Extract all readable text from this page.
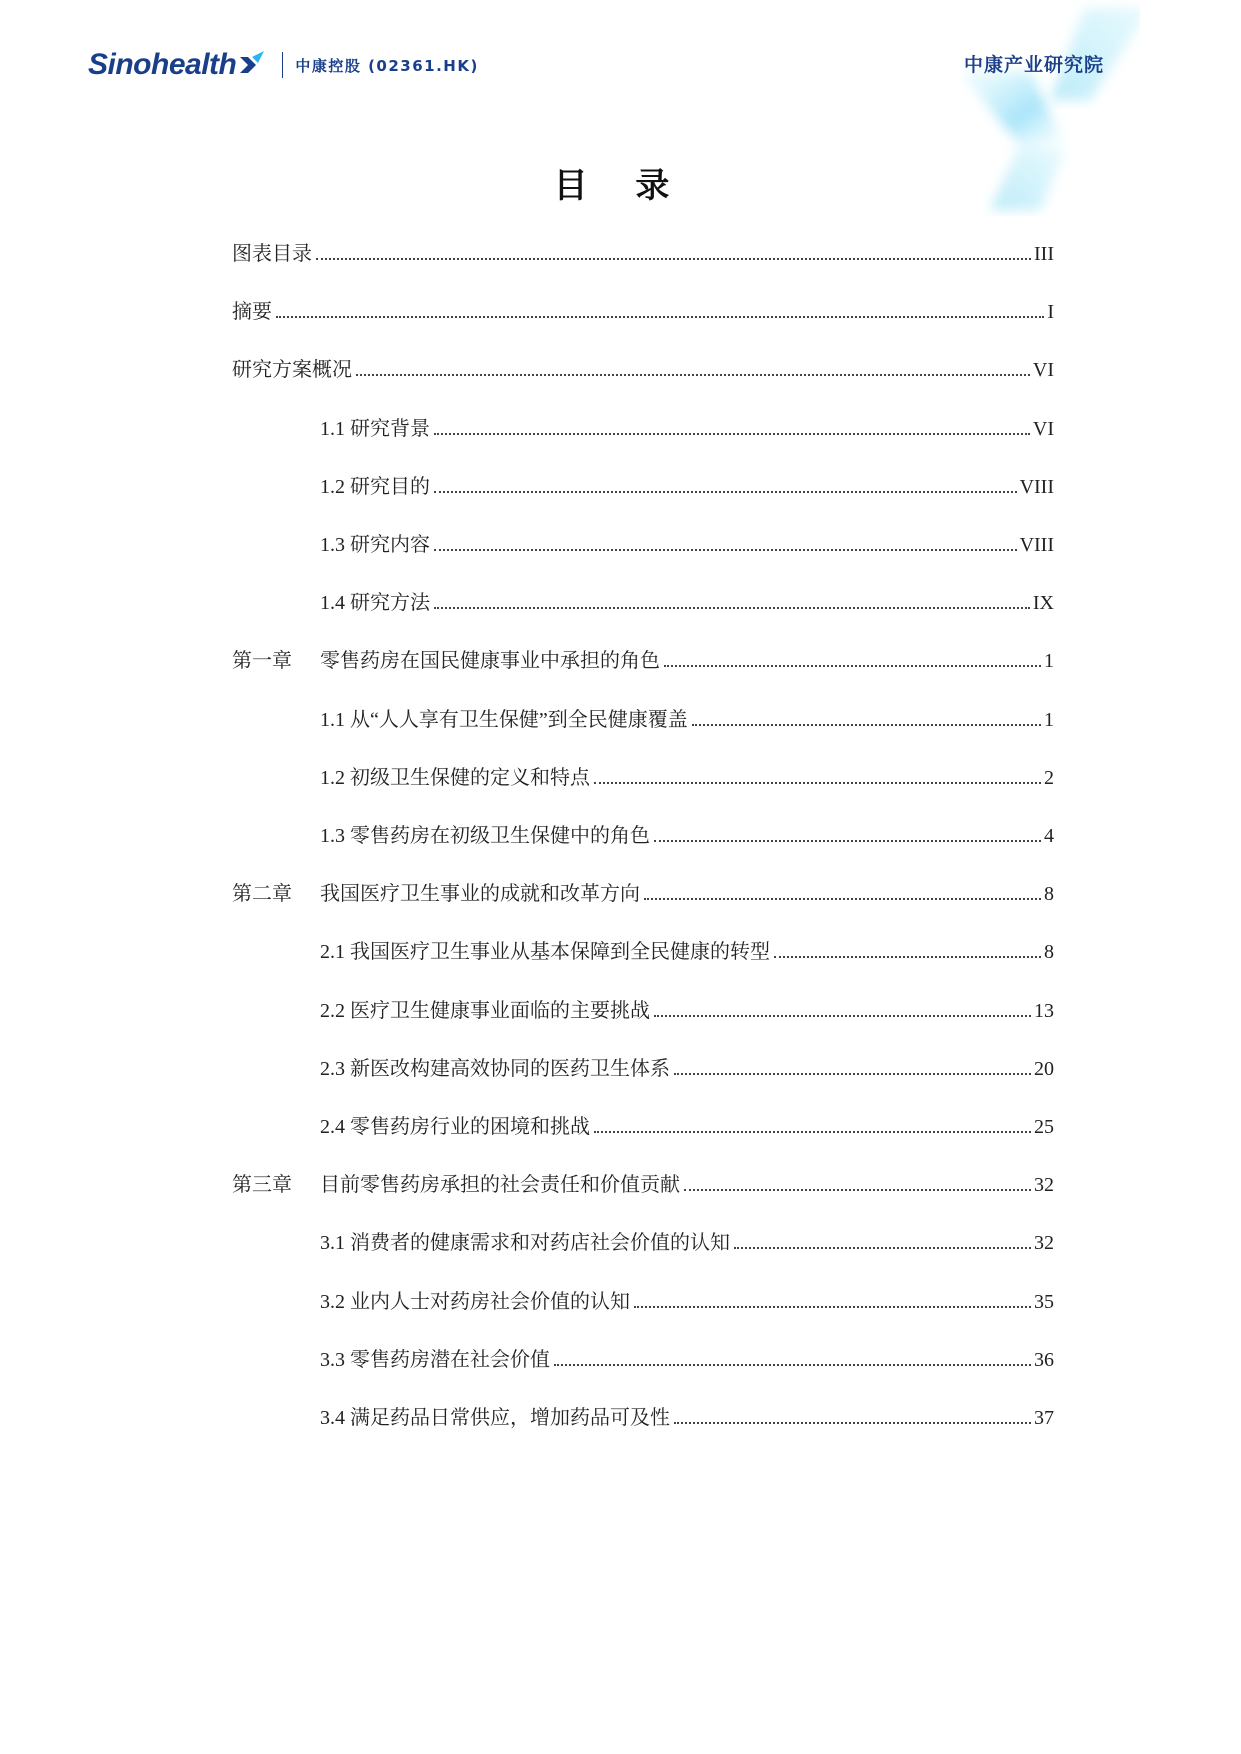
Sinohealth	中康控股 (02361.HK)	中康产业研究院
目 录
图表目录	III
摘要	I
研究方案概况	VI
1.1 研究背景	VI
1.2 研究目的	VIII
1.3 研究内容	VIII
1.4 研究方法	IX
第一章 零售药房在国民健康事业中承担的角色	1
1.1 从“人人享有卫生保健”到全民健康覆盖	1
1.2 初级卫生保健的定义和特点	2
1.3 零售药房在初级卫生保健中的角色	4
第二章 我国医疗卫生事业的成就和改革方向	8
2.1 我国医疗卫生事业从基本保障到全民健康的转型	8
2.2 医疗卫生健康事业面临的主要挑战	13
2.3 新医改构建高效协同的医药卫生体系	20
2.4 零售药房行业的困境和挑战	25
第三章 目前零售药房承担的社会责任和价值贡献	32
3.1 消费者的健康需求和对药店社会价值的认知	32
3.2 业内人士对药房社会价值的认知	35
3.3 零售药房潜在社会价值	36
3.4 满足药品日常供应，增加药品可及性	37
